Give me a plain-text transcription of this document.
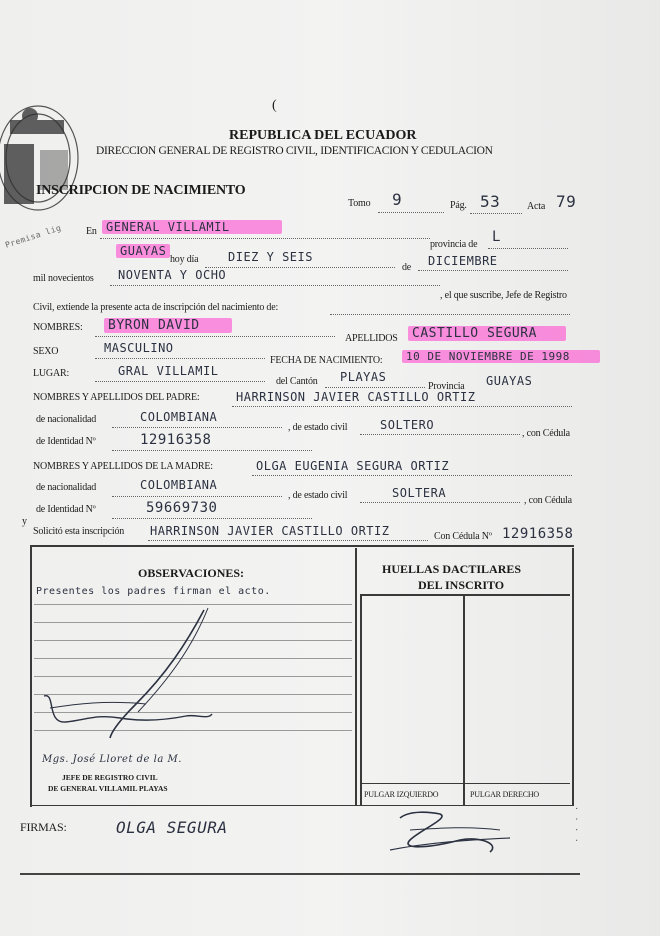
(
REPUBLICA DEL ECUADOR
DIRECCION GENERAL DE REGISTRO CIVIL, IDENTIFICACION Y CEDULACION
INSCRIPCION DE NACIMIENTO
Tomo 9	Pág. 53	Acta 79
Premisa lig En GENERAL VILLAMIL
provincia de L
GUAYAS
hoy día DIEZ Y SEIS
de DICIEMBRE
mil novecientos NOVENTA Y OCHO
, el que suscribe, Jefe de Registro
Civil, extiende la presente acta de inscripción del nacimiento de:
NOMBRES:	BYRON DAVID
APELLIDOS	CASTILLO SEGURA
SEXO	MASCULINO
FECHA DE NACIMIENTO:	10 DE NOVIEMBRE DE 1998
LUGAR:	GRAL VILLAMIL
del Cantón PLAYAS
Provincia GUAYAS
NOMBRES Y APELLIDOS DEL PADRE:	HARRINSON JAVIER CASTILLO ORTIZ
de nacionalidad	COLOMBIANA
, de estado civil	SOLTERO
, con Cédula
de Identidad Nº	12916358
NOMBRES Y APELLIDOS DE LA MADRE:	OLGA EUGENIA SEGURA ORTIZ
de nacionalidad	COLOMBIANA
, de estado civil	SOLTERA
, con Cédula
de Identidad Nº	59669730
Solicitó esta inscripción HARRINSON JAVIER CASTILLO ORTIZ	Con Cédula Nº 12916358
y
OBSERVACIONES:
Presentes los padres firman el acto.
Mgs. José Lloret de la M.
JEFE DE REGISTRO CIVIL
DE GENERAL VILLAMIL PLAYAS
HUELLAS DACTILARES
DEL INSCRITO
PULGAR IZQUIERDO	PULGAR DERECHO
FIRMAS:	OLGA SEGURA	· · · ·
